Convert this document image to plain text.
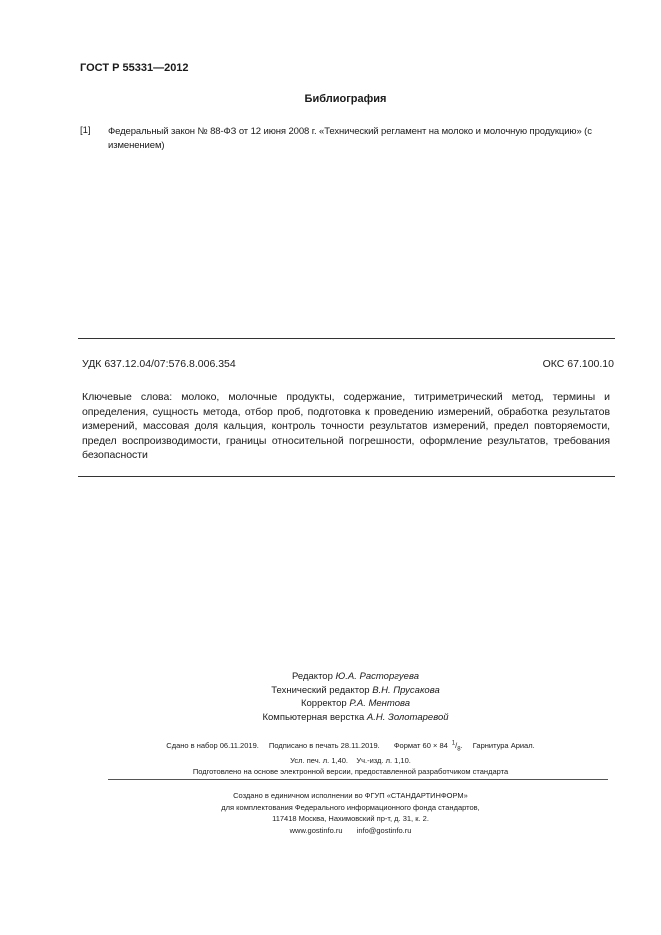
ГОСТ Р 55331—2012
Библиография
[1] Федеральный закон № 88-ФЗ от 12 июня 2008 г. «Технический регламент на молоко и молочную продукцию» (с изменением)
УДК 637.12.04/07:576.8.006.354	ОКС 67.100.10
Ключевые слова: молоко, молочные продукты, содержание, титриметрический метод, термины и определения, сущность метода, отбор проб, подготовка к проведению измерений, обработка результатов измерений, массовая доля кальция, контроль точности результатов измерений, предел повторяемости, предел воспроизводимости, границы относительной погрешности, оформление результатов, требования безопасности
Редактор Ю.А. Расторгуева
Технический редактор В.Н. Прусакова
Корректор Р.А. Ментова
Компьютерная верстка А.Н. Золотаревой
Сдано в набор 06.11.2019. Подписано в печать 28.11.2019. Формат 60 × 84 $^1/_8$. Гарнитура Ариал.
Усл. печ. л. 1,40. Уч.-изд. л. 1,10.
Подготовлено на основе электронной версии, предоставленной разработчиком стандарта
Создано в единичном исполнении во ФГУП «СТАНДАРТИНФОРМ»
для комплектования Федерального информационного фонда стандартов,
117418 Москва, Нахимовский пр-т, д. 31, к. 2.
www.gostinfo.ru info@gostinfo.ru
